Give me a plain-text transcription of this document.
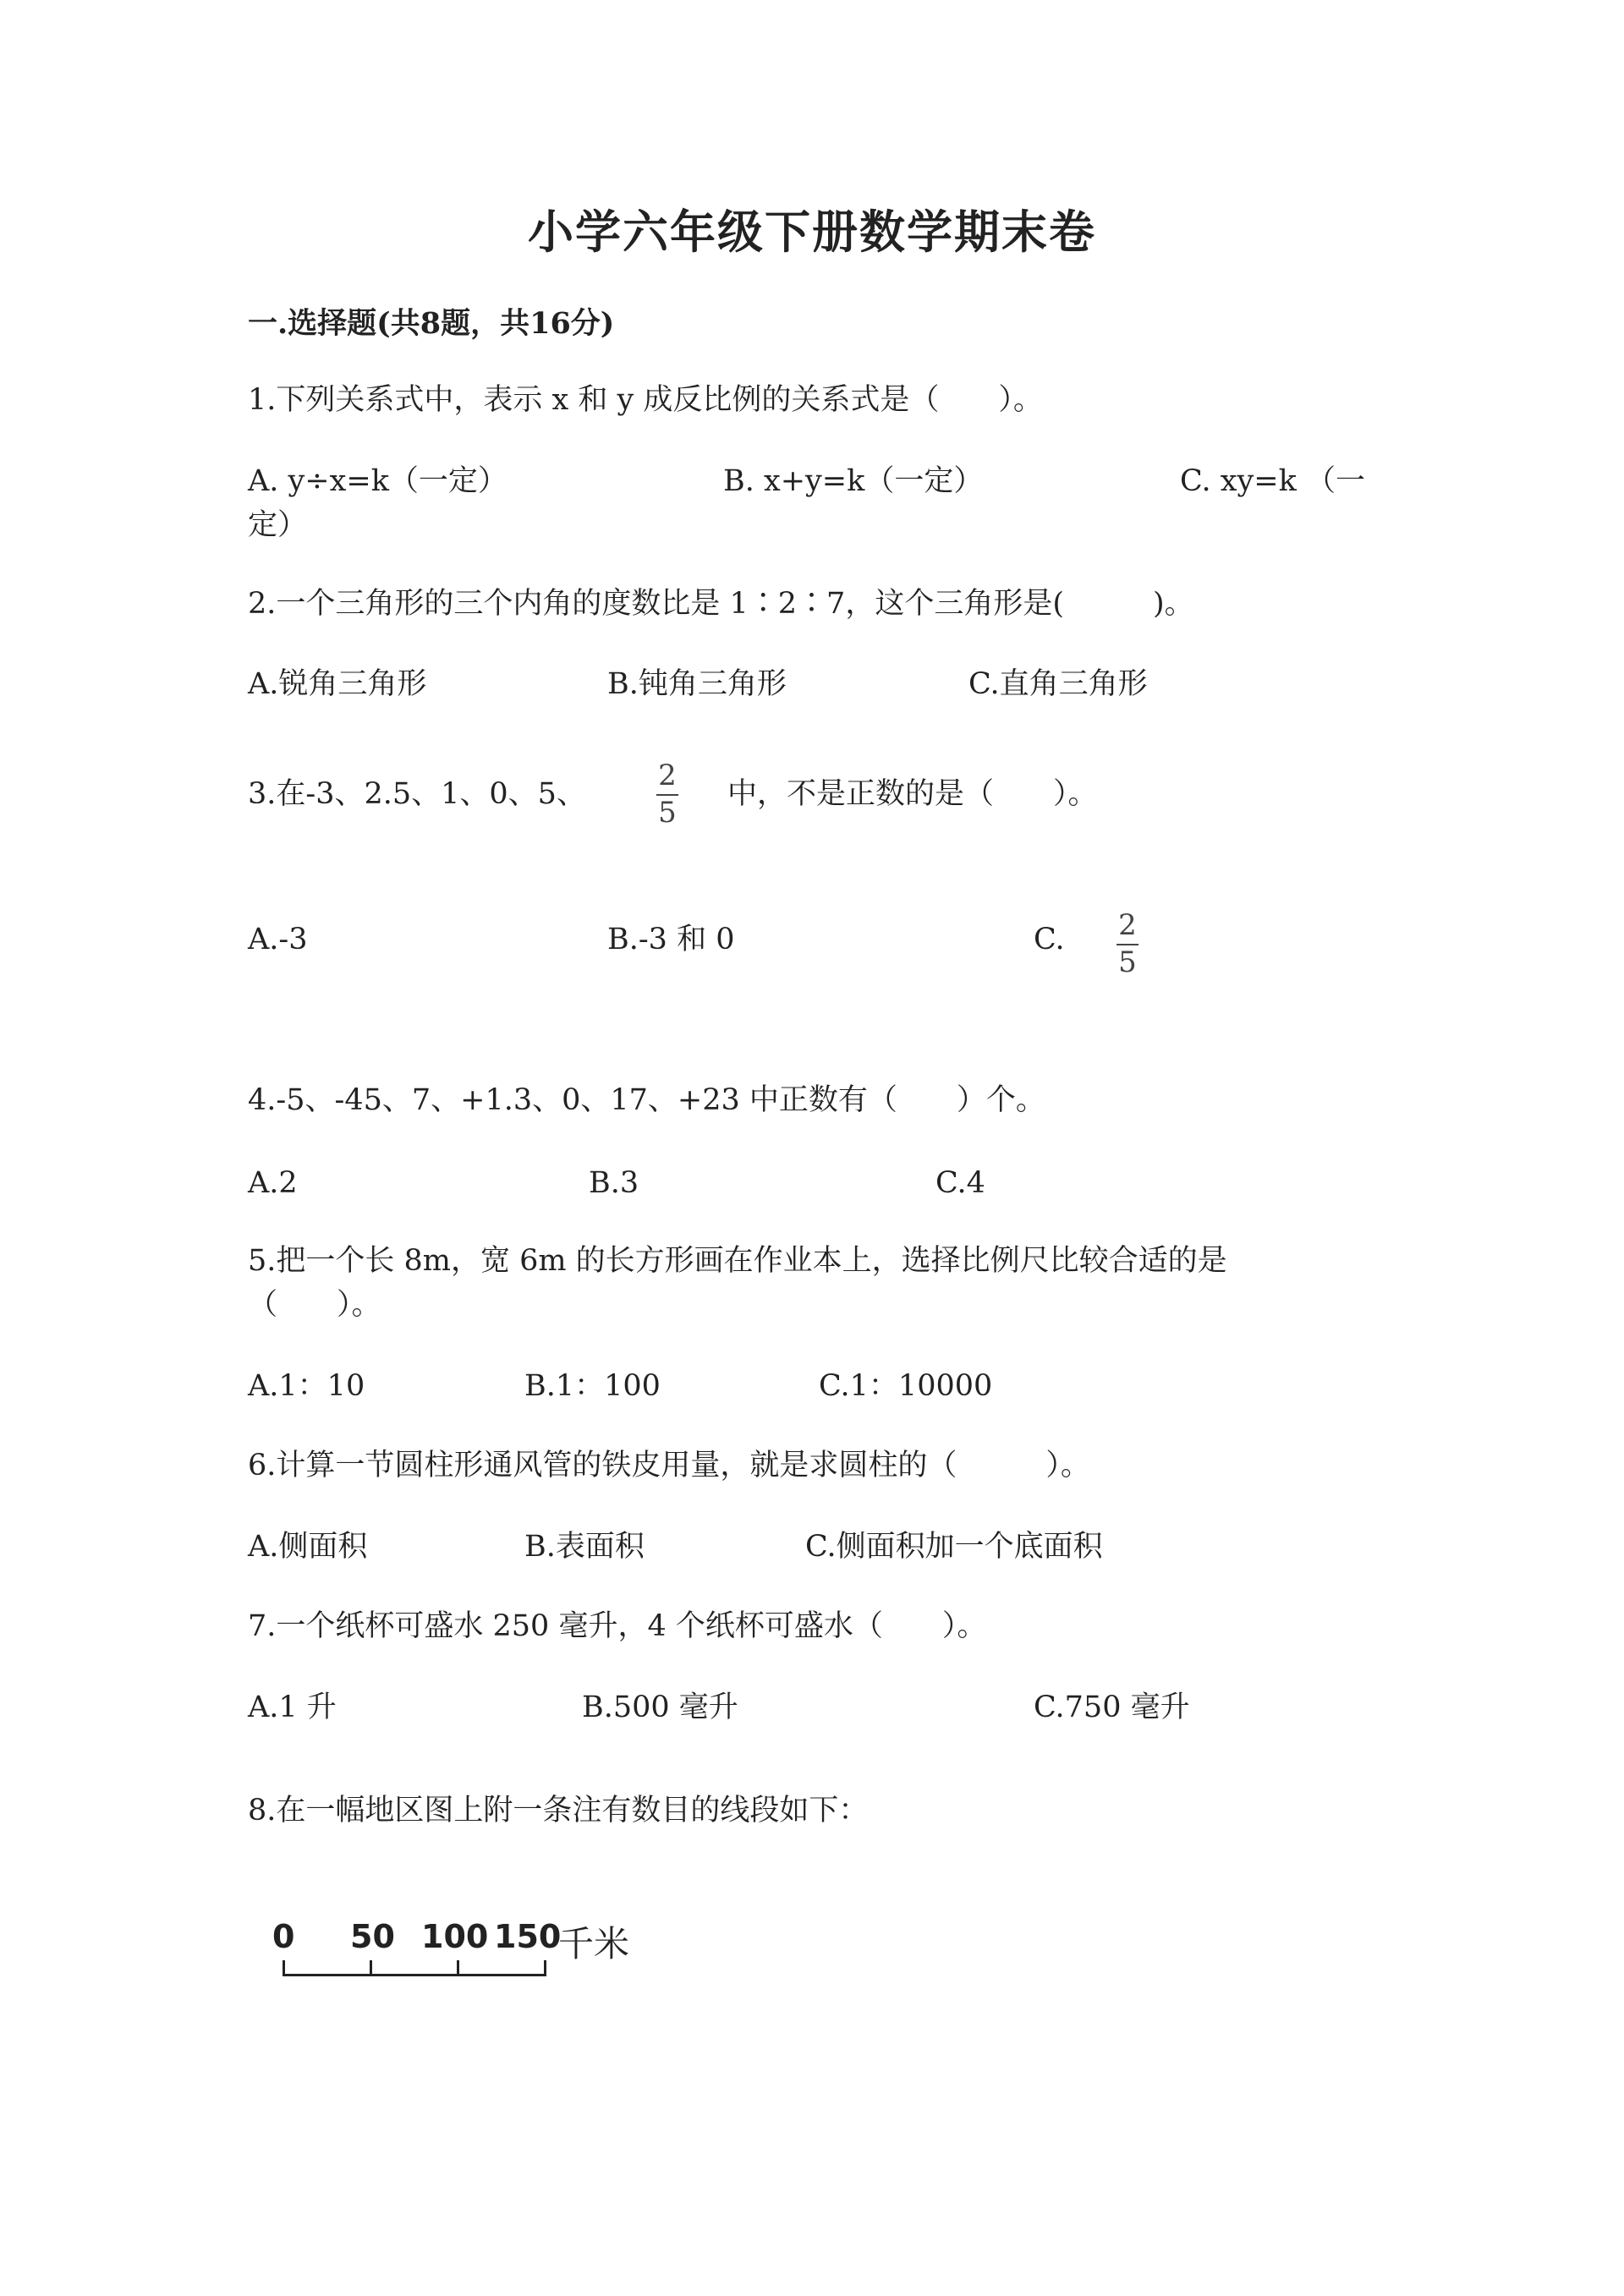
小学六年级下册数学期末卷
一.选择题(共8题，共16分)
1.下列关系式中，表示 x 和 y 成反比例的关系式是（　　）。
A. y÷x=k（一定）	B. x+y=k（一定）	C. xy=k （一
定）
2.一个三角形的三个内角的度数比是 1∶2∶7，这个三角形是(　　　)。
A.锐角三角形	B.钝角三角形	C.直角三角形
3.在-3、2.5、1、0、5、
2
5
中，不是正数的是（　　）。
A.-3	B.-3 和 0	C. 2
5
4.-5、-45、7、+1.3、0、17、+23 中正数有（　　）个。
A.2	B.3	C.4
5.把一个长 8m，宽 6m 的长方形画在作业本上，选择比例尺比较合适的是
（　　）。
A.1：10	B.1：100	C.1：10000
6.计算一节圆柱形通风管的铁皮用量，就是求圆柱的（　　　）。
A.侧面积	B.表面积	C.侧面积加一个底面积
7.一个纸杯可盛水 250 毫升，4 个纸杯可盛水（　　）。
A.1 升	B.500 毫升	C.750 毫升
8.在一幅地区图上附一条注有数目的线段如下：
0 50 100 150
千米
